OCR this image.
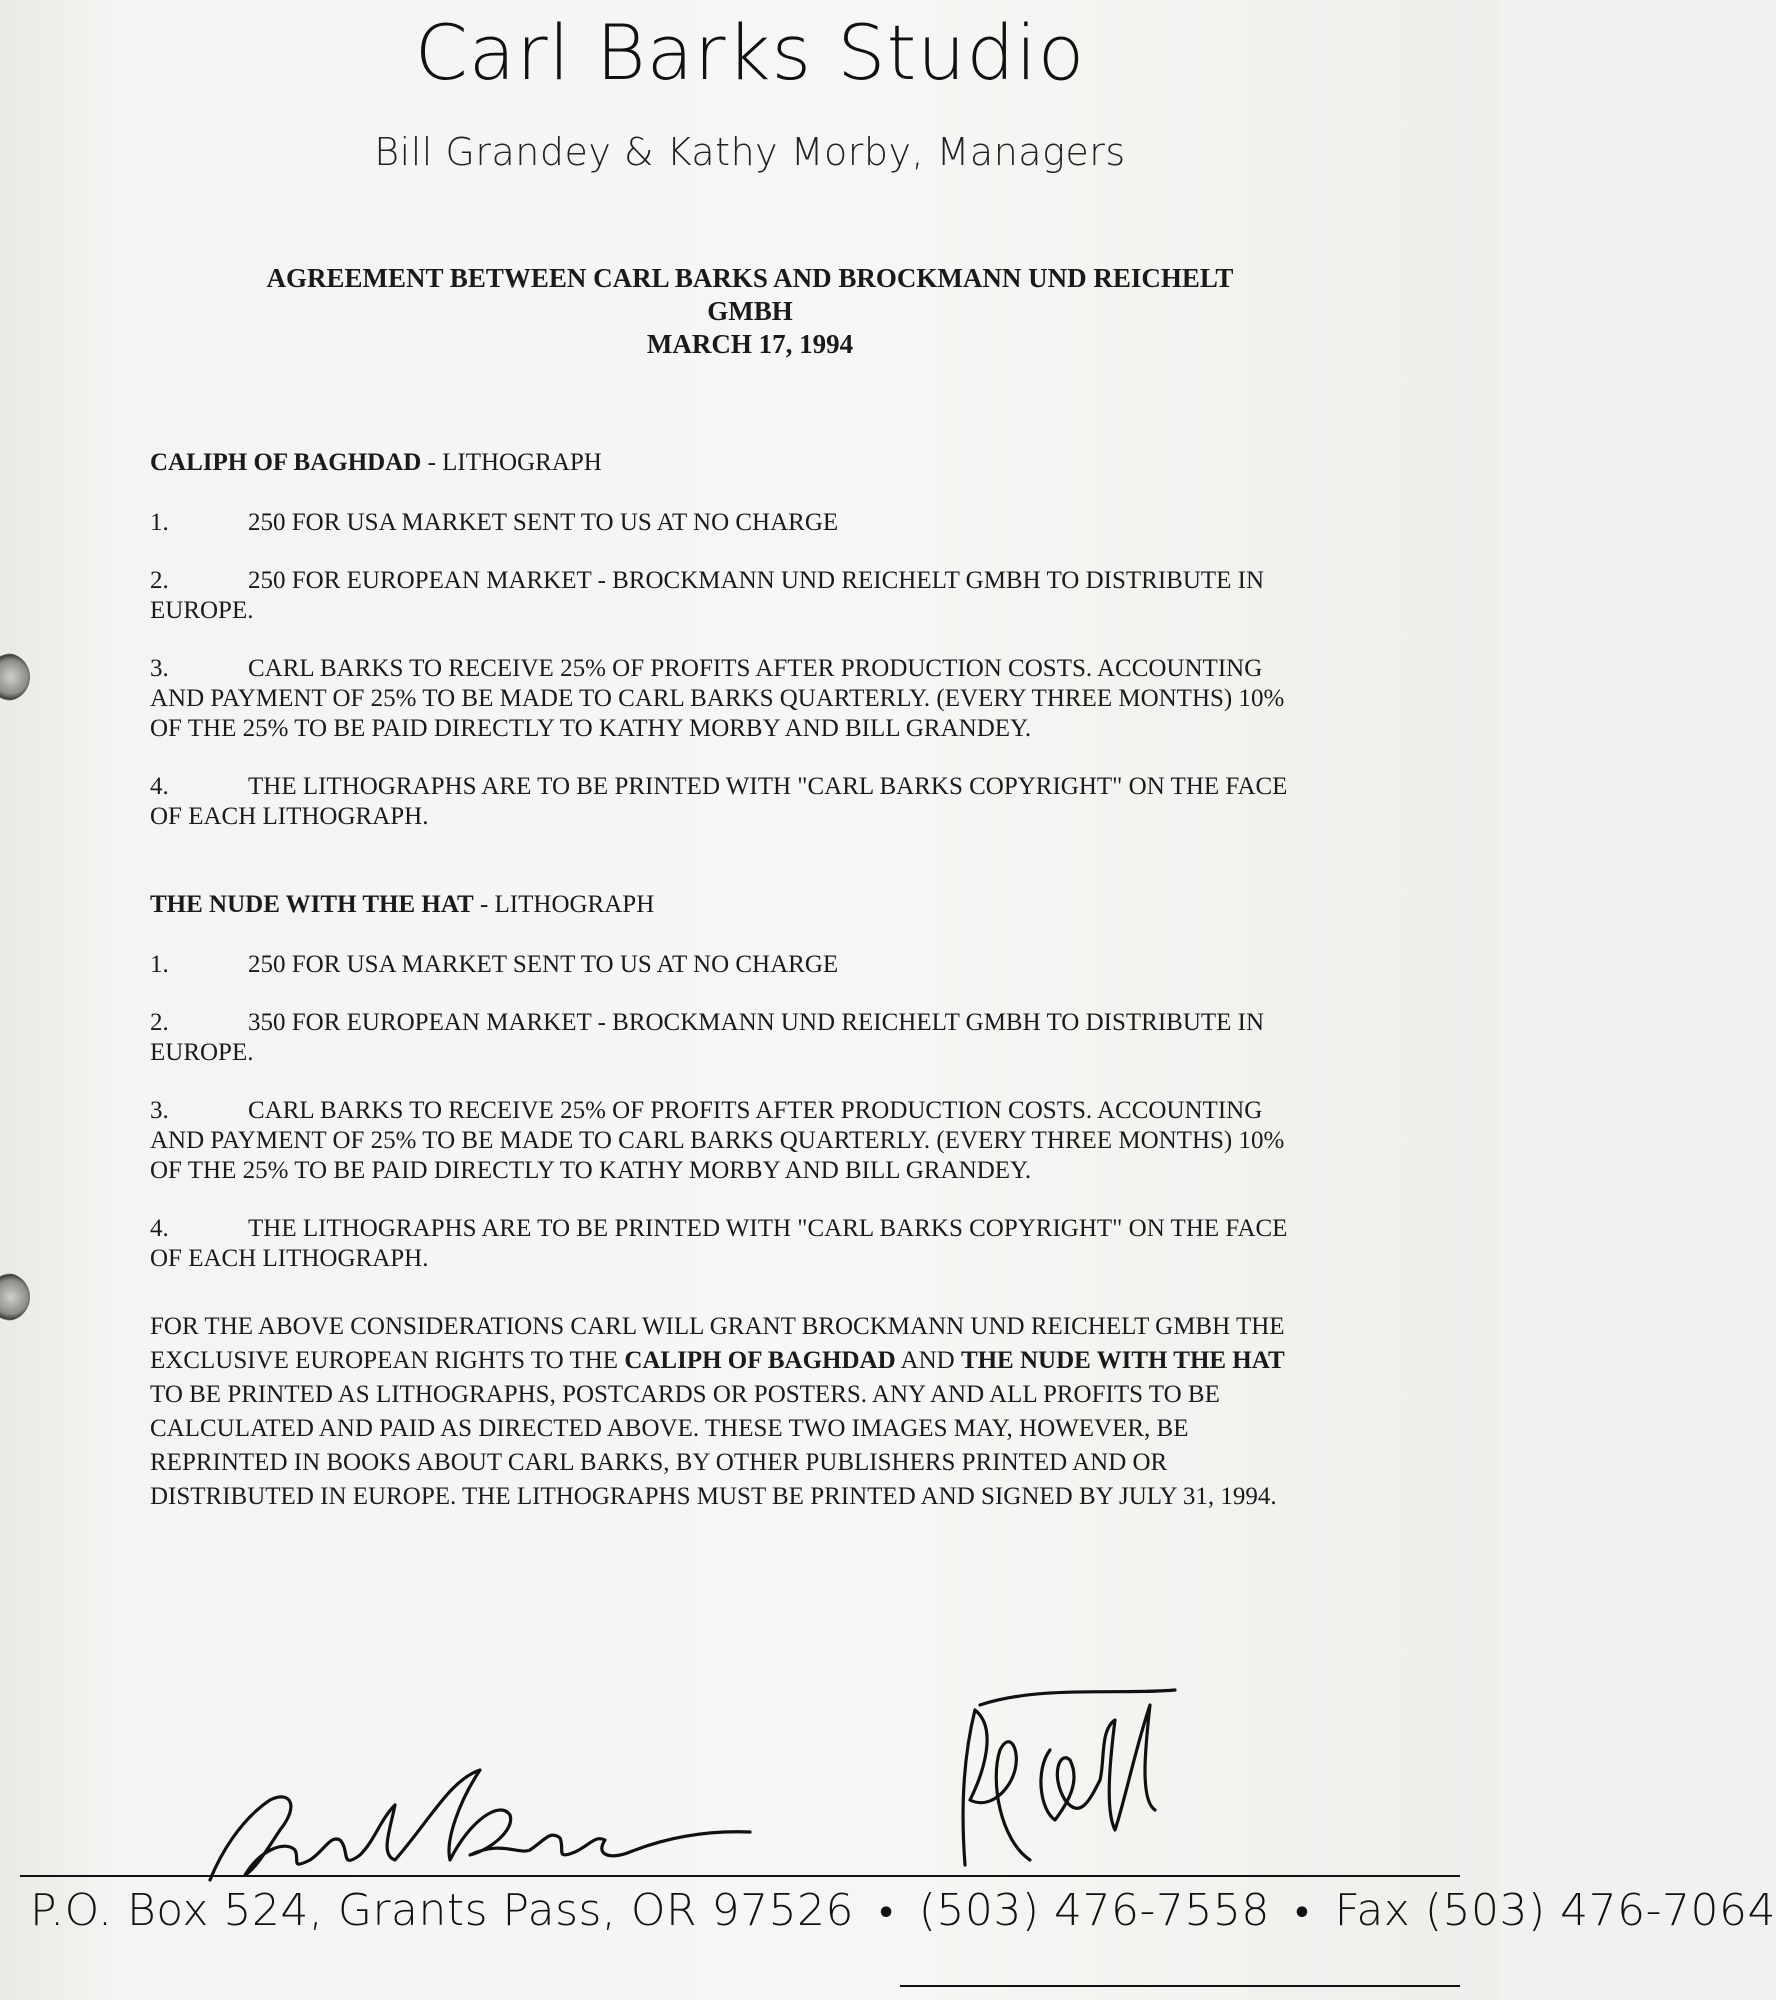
Carl Barks Studio
Bill Grandey & Kathy Morby, Managers
AGREEMENT BETWEEN CARL BARKS AND BROCKMANN UND REICHELT
GMBH
MARCH 17, 1994

CALIPH OF BAGHDAD - LITHOGRAPH

1.	250 FOR USA MARKET SENT TO US AT NO CHARGE

2.	250 FOR EUROPEAN MARKET - BROCKMANN UND REICHELT GMBH TO DISTRIBUTE IN EUROPE.

3.	CARL BARKS TO RECEIVE 25% OF PROFITS AFTER PRODUCTION COSTS. ACCOUNTING AND PAYMENT OF 25% TO BE MADE TO CARL BARKS QUARTERLY. (EVERY THREE MONTHS) 10% OF THE 25% TO BE PAID DIRECTLY TO KATHY MORBY AND BILL GRANDEY.

4.	THE LITHOGRAPHS ARE TO BE PRINTED WITH "CARL BARKS COPYRIGHT" ON THE FACE OF EACH LITHOGRAPH.

THE NUDE WITH THE HAT - LITHOGRAPH

1.	250 FOR USA MARKET SENT TO US AT NO CHARGE

2.	350 FOR EUROPEAN MARKET - BROCKMANN UND REICHELT GMBH TO DISTRIBUTE IN EUROPE.

3.	CARL BARKS TO RECEIVE 25% OF PROFITS AFTER PRODUCTION COSTS. ACCOUNTING AND PAYMENT OF 25% TO BE MADE TO CARL BARKS QUARTERLY. (EVERY THREE MONTHS) 10% OF THE 25% TO BE PAID DIRECTLY TO KATHY MORBY AND BILL GRANDEY.

4.	THE LITHOGRAPHS ARE TO BE PRINTED WITH "CARL BARKS COPYRIGHT" ON THE FACE OF EACH LITHOGRAPH.

FOR THE ABOVE CONSIDERATIONS CARL WILL GRANT BROCKMANN UND REICHELT GMBH THE EXCLUSIVE EUROPEAN RIGHTS TO THE CALIPH OF BAGHDAD AND THE NUDE WITH THE HAT TO BE PRINTED AS LITHOGRAPHS, POSTCARDS OR POSTERS. ANY AND ALL PROFITS TO BE CALCULATED AND PAID AS DIRECTED ABOVE. THESE TWO IMAGES MAY, HOWEVER, BE REPRINTED IN BOOKS ABOUT CARL BARKS, BY OTHER PUBLISHERS PRINTED AND OR DISTRIBUTED IN EUROPE. THE LITHOGRAPHS MUST BE PRINTED AND SIGNED BY JULY 31, 1994.

P.O. Box 524, Grants Pass, OR 97526 • (503) 476-7558 • Fax (503) 476-7064
